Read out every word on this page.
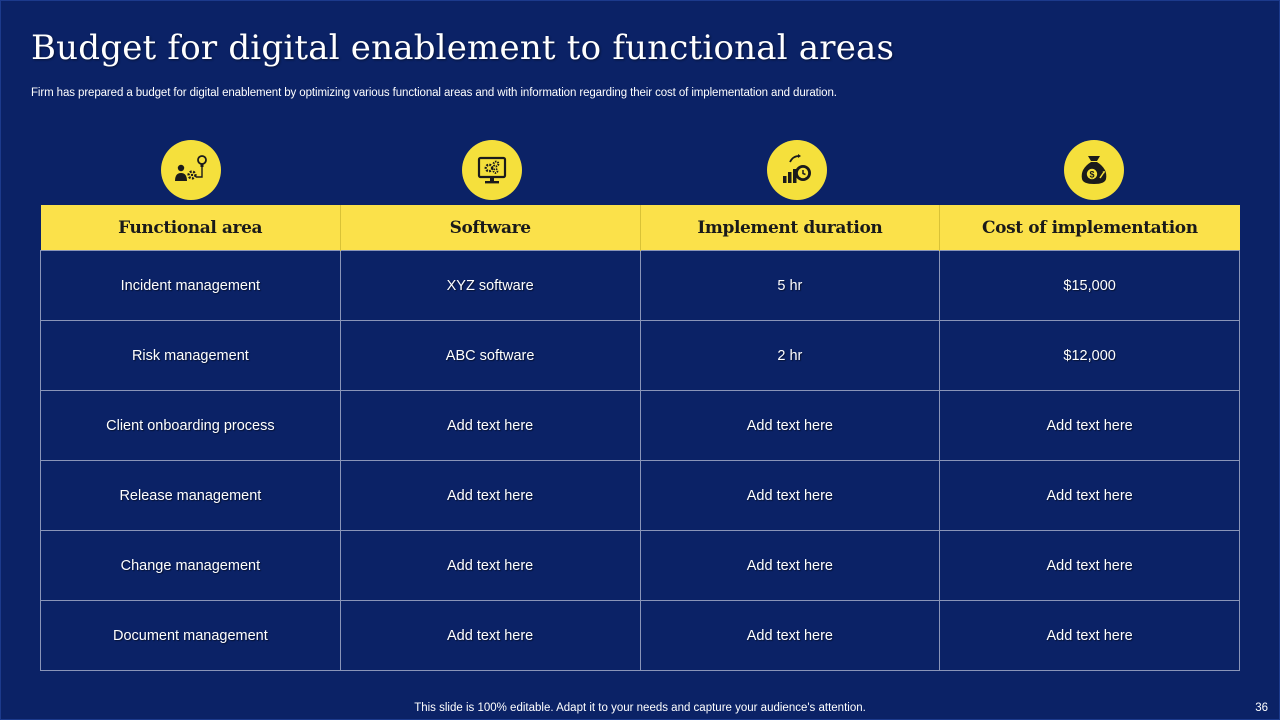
Budget for digital enablement to functional areas
Firm has prepared a budget for digital enablement by optimizing various functional areas and with information regarding their cost of implementation and duration.
$
Functional area	Software	Implement duration	Cost of implementation
Incident management	XYZ software	5 hr	$15,000
Risk management	ABC software	2 hr	$12,000
Client onboarding process	Add text here	Add text here	Add text here
Release management	Add text here	Add text here	Add text here
Change management	Add text here	Add text here	Add text here
Document management	Add text here	Add text here	Add text here
This slide is 100% editable. Adapt it to your needs and capture your audience's attention.	36
